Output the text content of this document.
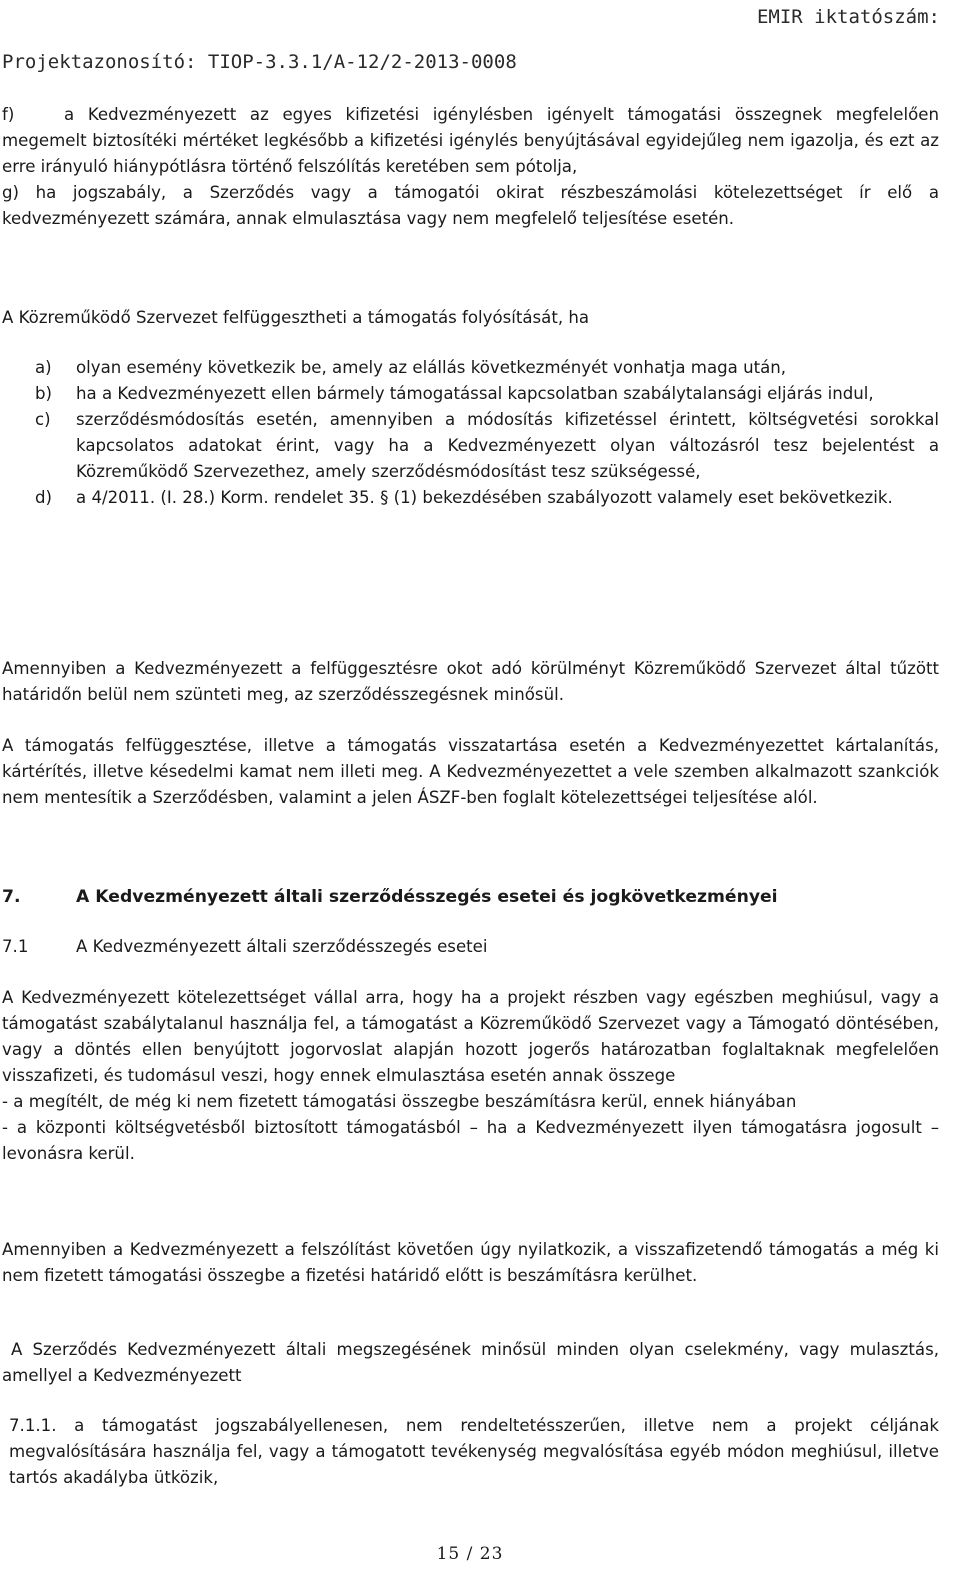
EMIR iktatószám:
Projektazonosító: TIOP-3.3.1/A-12/2-2013-0008

f)	a Kedvezményezett az egyes kifizetési igénylésben igényelt támogatási összegnek megfelelően megemelt biztosítéki mértéket legkésőbb a kifizetési igénylés benyújtásával egyidejűleg nem igazolja, és ezt az erre irányuló hiánypótlásra történő felszólítás keretében sem pótolja,

g) ha jogszabály, a Szerződés vagy a támogatói okirat részbeszámolási kötelezettséget ír elő a kedvezményezett számára, annak elmulasztása vagy nem megfelelő teljesítése esetén.

A Közreműködő Szervezet felfüggesztheti a támogatás folyósítását, ha

a) olyan esemény következik be, amely az elállás következményét vonhatja maga után,
b) ha a Kedvezményezett ellen bármely támogatással kapcsolatban szabálytalansági eljárás indul,
c) szerződésmódosítás esetén, amennyiben a módosítás kifizetéssel érintett, költségvetési sorokkal kapcsolatos adatokat érint, vagy ha a Kedvezményezett olyan változásról tesz bejelentést a Közreműködő Szervezethez, amely szerződésmódosítást tesz szükségessé,
d) a 4/2011. (I. 28.) Korm. rendelet 35. § (1) bekezdésében szabályozott valamely eset bekövetkezik.

Amennyiben a Kedvezményezett a felfüggesztésre okot adó körülményt Közreműködő Szervezet által tűzött határidőn belül nem szünteti meg, az szerződésszegésnek minősül.

A támogatás felfüggesztése, illetve a támogatás visszatartása esetén a Kedvezményezettet kártalanítás, kártérítés, illetve késedelmi kamat nem illeti meg. A Kedvezményezettet a vele szemben alkalmazott szankciók nem mentesítik a Szerződésben, valamint a jelen ÁSZF-ben foglalt kötelezettségei teljesítése alól.

7.	A Kedvezményezett általi szerződésszegés esetei és jogkövetkezményei
7.1	A Kedvezményezett általi szerződésszegés esetei

A Kedvezményezett kötelezettséget vállal arra, hogy ha a projekt részben vagy egészben meghiúsul, vagy a támogatást szabálytalanul használja fel, a támogatást a Közreműködő Szervezet vagy a Támogató döntésében, vagy a döntés ellen benyújtott jogorvoslat alapján hozott jogerős határozatban foglaltaknak megfelelően visszafizeti, és tudomásul veszi, hogy ennek elmulasztása esetén annak összege

- a megítélt, de még ki nem fizetett támogatási összegbe beszámításra kerül, ennek hiányában

- a központi költségvetésből biztosított támogatásból – ha a Kedvezményezett ilyen támogatásra jogosult – levonásra kerül.

Amennyiben a Kedvezményezett a felszólítást követően úgy nyilatkozik, a visszafizetendő támogatás a még ki nem fizetett támogatási összegbe a fizetési határidő előtt is beszámításra kerülhet.

A Szerződés Kedvezményezett általi megszegésének minősül minden olyan cselekmény, vagy mulasztás, amellyel a Kedvezményezett

7.1.1. a támogatást jogszabályellenesen, nem rendeltetésszerűen, illetve nem a projekt céljának megvalósítására használja fel, vagy a támogatott tevékenység megvalósítása egyéb módon meghiúsul, illetve tartós akadályba ütközik,

15 / 23
